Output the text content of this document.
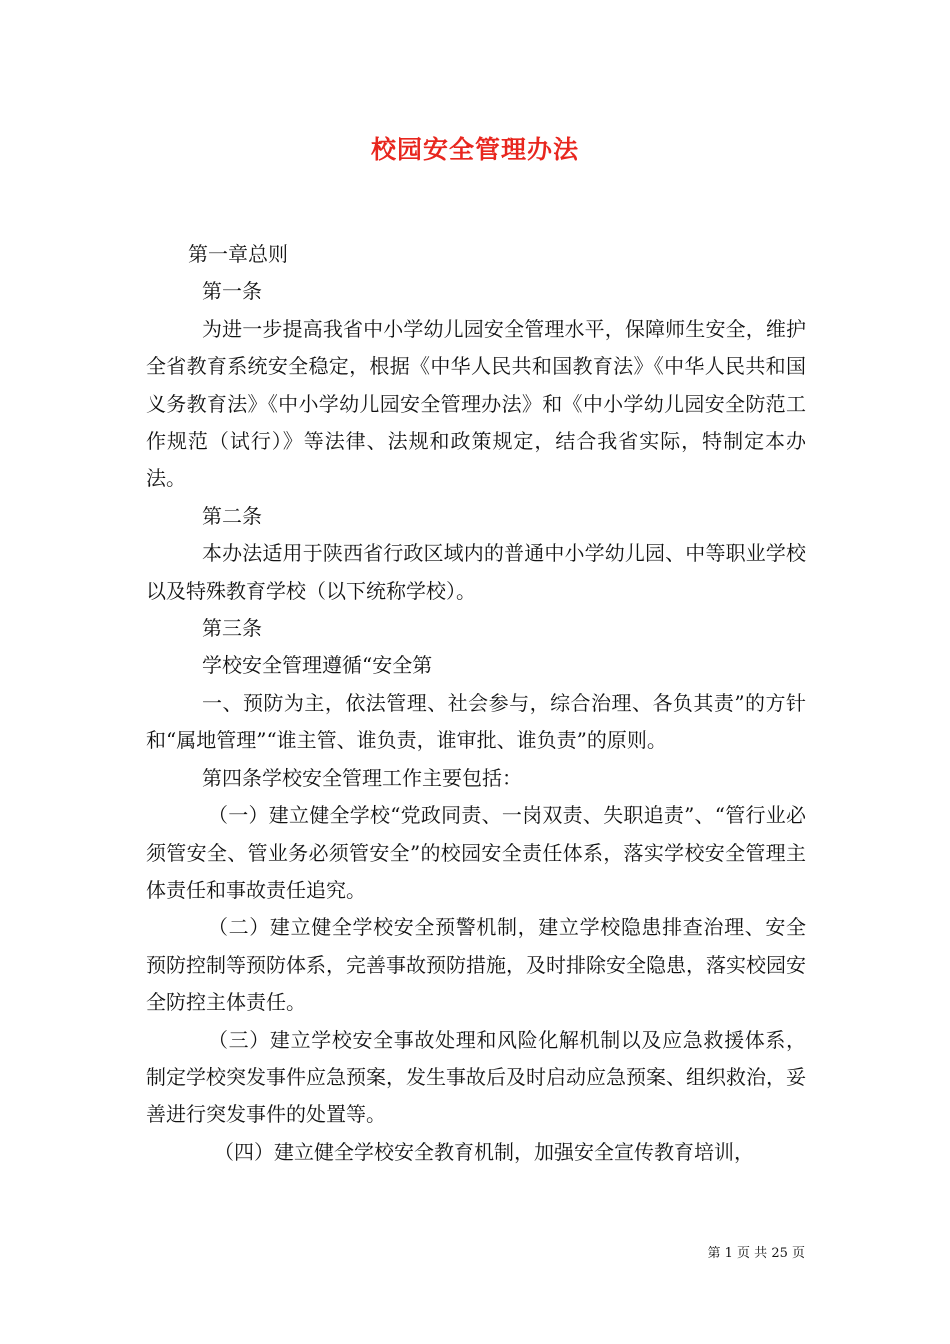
校园安全管理办法

第一章总则

第一条

为进一步提高我省中小学幼儿园安全管理水平，保障师生安全，维护全省教育系统安全稳定，根据《中华人民共和国教育法》《中华人民共和国义务教育法》《中小学幼儿园安全管理办法》和《中小学幼儿园安全防范工作规范（试行）》等法律、法规和政策规定，结合我省实际，特制定本办法。

第二条

本办法适用于陕西省行政区域内的普通中小学幼儿园、中等职业学校以及特殊教育学校（以下统称学校）。

第三条

学校安全管理遵循“安全第

一、预防为主，依法管理、社会参与，综合治理、各负其责”的方针和“属地管理”“谁主管、谁负责，谁审批、谁负责”的原则。

第四条学校安全管理工作主要包括：

（一）建立健全学校“党政同责、一岗双责、失职追责”、“管行业必须管安全、管业务必须管安全”的校园安全责任体系，落实学校安全管理主体责任和事故责任追究。

（二）建立健全学校安全预警机制，建立学校隐患排查治理、安全预防控制等预防体系，完善事故预防措施，及时排除安全隐患，落实校园安全防控主体责任。

（三）建立学校安全事故处理和风险化解机制以及应急救援体系，制定学校突发事件应急预案，发生事故后及时启动应急预案、组织救治，妥善进行突发事件的处置等。

（四）建立健全学校安全教育机制，加强安全宣传教育培训，

第 1 页 共 25 页
